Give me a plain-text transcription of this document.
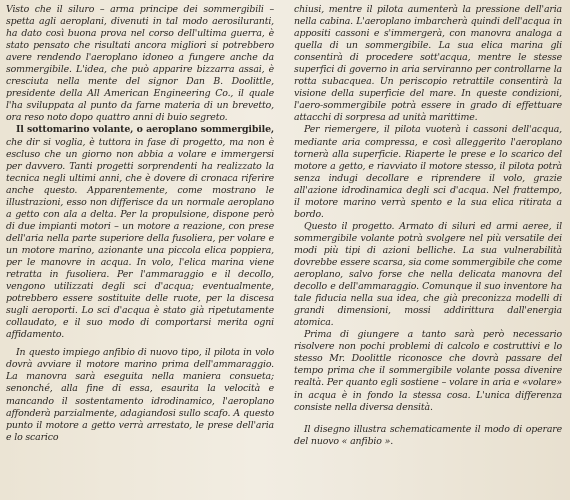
Visto che il siluro – arma principe dei sommergibili – spetta agli aeroplani, divenuti in tal modo aerosiluranti, ha dato così buona prova nel corso dell'ultima guerra, è stato pensato che risultati ancora migliori si potrebbero avere rendendo l'aeroplano idoneo a fungere anche da sommergibile. L'idea, che può apparire bizzarra assai, è cresciuta nella mente del signor Dan B. Doolittle, presidente della All American Engineering Co., il quale l'ha sviluppata al punto da farne materia di un brevetto, ora reso noto dopo quattro anni di buio segreto.

Il sottomarino volante, o aeroplano sommergibile, che dir si voglia, è tuttora in fase di progetto, ma non è escluso che un giorno non abbia a volare e immergersi per davvero. Tanti progetti sorprendenti ha realizzato la tecnica negli ultimi anni, che è dovere di cronaca riferire anche questo. Apparentemente, come mostrano le illustrazioni, esso non differisce da un normale aeroplano a getto con ala a delta. Per la propulsione, dispone però di due impianti motori – un motore a reazione, con prese dell'aria nella parte superiore della fusoliera, per volare e un motore marino, azionante una piccola elica poppiera, per le manovre in acqua. In volo, l'elica marina viene retratta in fusoliera. Per l'ammaraggio e il decollo, vengono utilizzati degli sci d'acqua; eventualmente, potrebbero essere sostituite delle ruote, per la discesa sugli aeroporti. Lo sci d'acqua è stato già ripetutamente collaudato, e il suo modo di comportarsi merita ogni affidamento.

In questo impiego anfibio di nuovo tipo, il pilota in volo dovrà avviare il motore marino prima dell'ammaraggio. La manovra sarà eseguita nella maniera consueta; senonché, alla fine di essa, esaurita la velocità e mancando il sostentamento idrodinamico, l'aeroplano affonderà parzialmente, adagiandosi sullo scafo. A questo punto il motore a getto verrà arrestato, le prese dell'aria e lo scarico

chiusi, mentre il pilota aumenterà la pressione dell'aria nella cabina. L'aeroplano imbarcherà quindi dell'acqua in appositi cassoni e s'immergerà, con manovra analoga a quella di un sommergibile. La sua elica marina gli consentirà di procedere sott'acqua, mentre le stesse superfici di governo in aria serviranno per controllarne la rotta subacquea. Un periscopio retrattile consentirà la visione della superficie del mare. In queste condizioni, l'aero-sommergibile potrà essere in grado di effettuare attacchi di sorpresa ad unità marittime.

Per riemergere, il pilota vuoterà i cassoni dell'acqua, mediante aria compressa, e così alleggerito l'aeroplano tornerà alla superficie. Riaperte le prese e lo scarico del motore a getto, e riavviato il motore stesso, il pilota potrà senza indugi decollare e riprendere il volo, grazie all'azione idrodinamica degli sci d'acqua. Nel frattempo, il motore marino verrà spento e la sua elica ritirata a bordo.

Questo il progetto. Armato di siluri ed armi aeree, il sommergibile volante potrà svolgere nel più versatile dei modi più tipi di azioni belliche. La sua vulnerabilità dovrebbe essere scarsa, sia come sommergibile che come aeroplano, salvo forse che nella delicata manovra del decollo e dell'ammaraggio. Comunque il suo inventore ha tale fiducia nella sua idea, che già preconizza modelli di grandi dimensioni, mossi addirittura dall'energia atomica.

Prima di giungere a tanto sarà però necessario risolvere non pochi problemi di calcolo e costruttivi e lo stesso Mr. Doolittle riconosce che dovrà passare del tempo prima che il sommergibile volante possa divenire realtà. Per quanto egli sostiene – volare in aria e «volare» in acqua è in fondo la stessa cosa. L'unica differenza consiste nella diversa densità.

Il disegno illustra schematicamente il modo di operare del nuovo « anfibio ».
